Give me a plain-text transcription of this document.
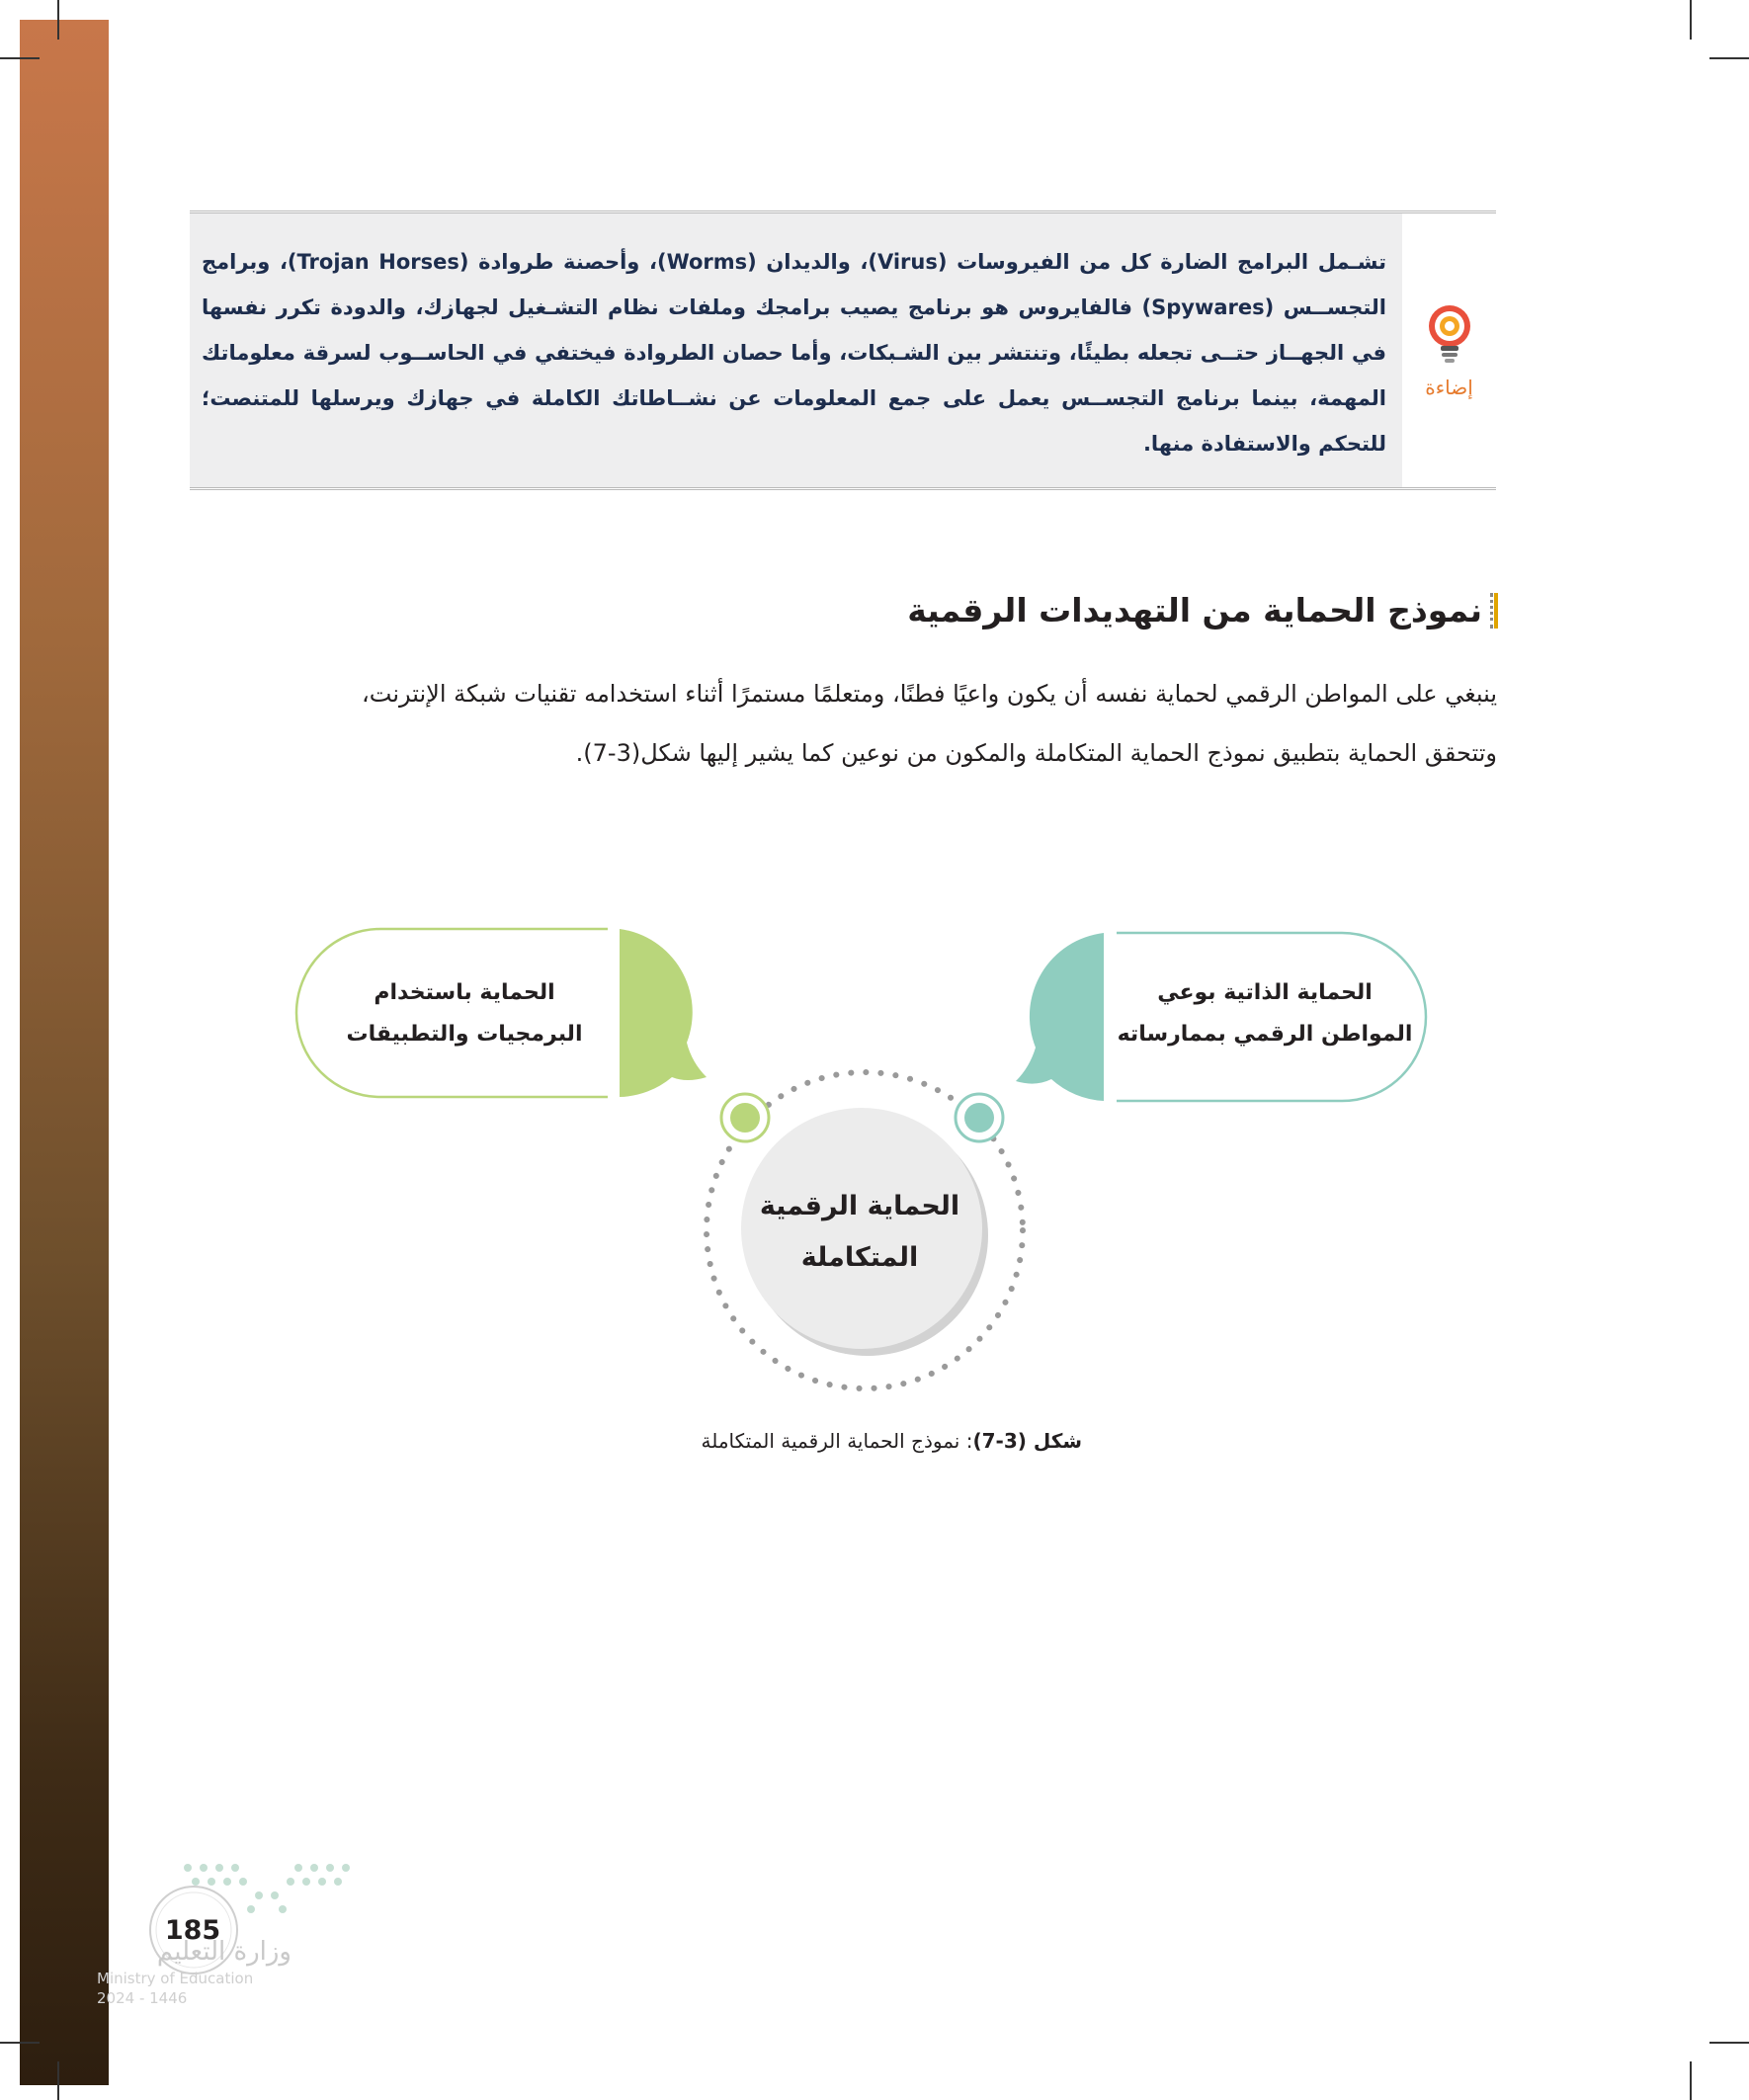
تشـمل البرامج الضارة كل من الفيروسات (Virus)، والديدان (Worms)، وأحصنة طروادة (Trojan Horses)، وبرامج التجســس (Spywares) فالفايروس هو برنامج يصيب برامجك وملفات نظام التشـغيل لجهازك، والدودة تكرر نفسها في الجهــاز حتــى تجعله بطيئًا، وتنتشر بين الشـبكات، وأما حصان الطروادة فيختفي في الحاســوب لسرقة معلوماتك المهمة، بينما برنامج التجســس يعمل على جمع المعلومات عن نشــاطاتك الكاملة في جهازك ويرسلها للمتنصت؛ للتحكم والاستفادة منها.
إضاءة
نموذج الحماية من التهديدات الرقمية
ينبغي على المواطن الرقمي لحماية نفسه أن يكون واعيًا فطنًا، ومتعلمًا مستمرًا أثناء استخدامه تقنيات شبكة الإنترنت،
وتتحقق الحماية بتطبيق نموذج الحماية المتكاملة والمكون من نوعين كما يشير إليها شكل(3-7).
الحماية الذاتية بوعي
المواطن الرقمي بممارساته
الحماية باستخدام
البرمجيات والتطبيقات
الحماية الرقمية
المتكاملة
شكل (3-7): نموذج الحماية الرقمية المتكاملة
185
وزارة التعليم
Ministry of Education
2024 - 1446
